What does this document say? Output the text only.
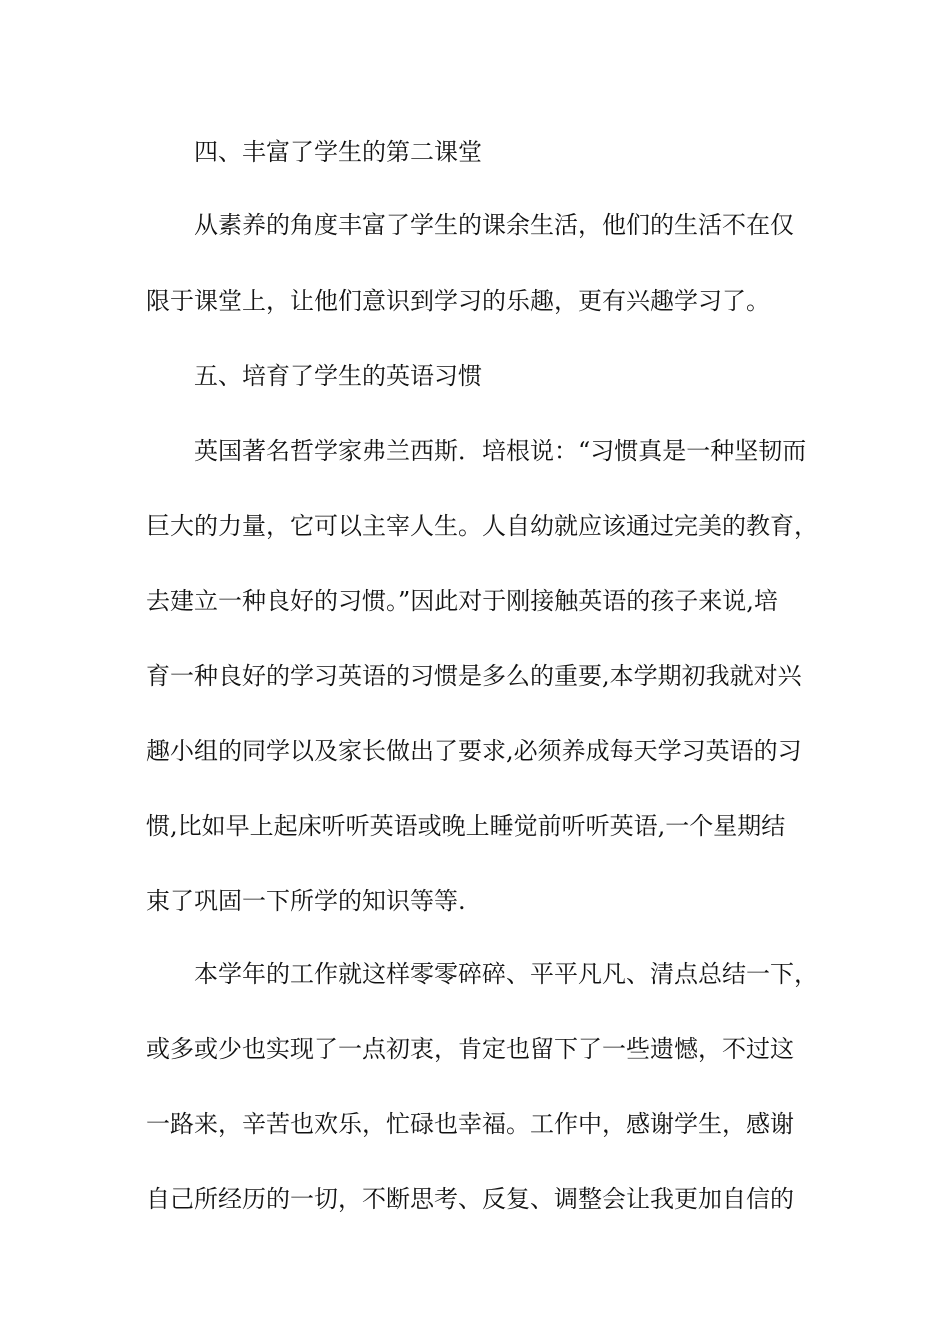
四、丰富了学生的第二课堂

从素养的角度丰富了学生的课余生活，他们的生活不在仅

限于课堂上，让他们意识到学习的乐趣，更有兴趣学习了。

五、培育了学生的英语习惯

英国著名哲学家弗兰西斯．培根说：“习惯真是一种坚韧而

巨大的力量，它可以主宰人生。人自幼就应该通过完美的教育，

去建立一种良好的习惯。”因此对于刚接触英语的孩子来说,培

育一种良好的学习英语的习惯是多么的重要,本学期初我就对兴

趣小组的同学以及家长做出了要求,必须养成每天学习英语的习

惯,比如早上起床听听英语或晚上睡觉前听听英语,一个星期结

束了巩固一下所学的知识等等.

本学年的工作就这样零零碎碎、平平凡凡、清点总结一下，

或多或少也实现了一点初衷，肯定也留下了一些遗憾，不过这

一路来，辛苦也欢乐，忙碌也幸福。工作中，感谢学生，感谢

自己所经历的一切，不断思考、反复、调整会让我更加自信的
